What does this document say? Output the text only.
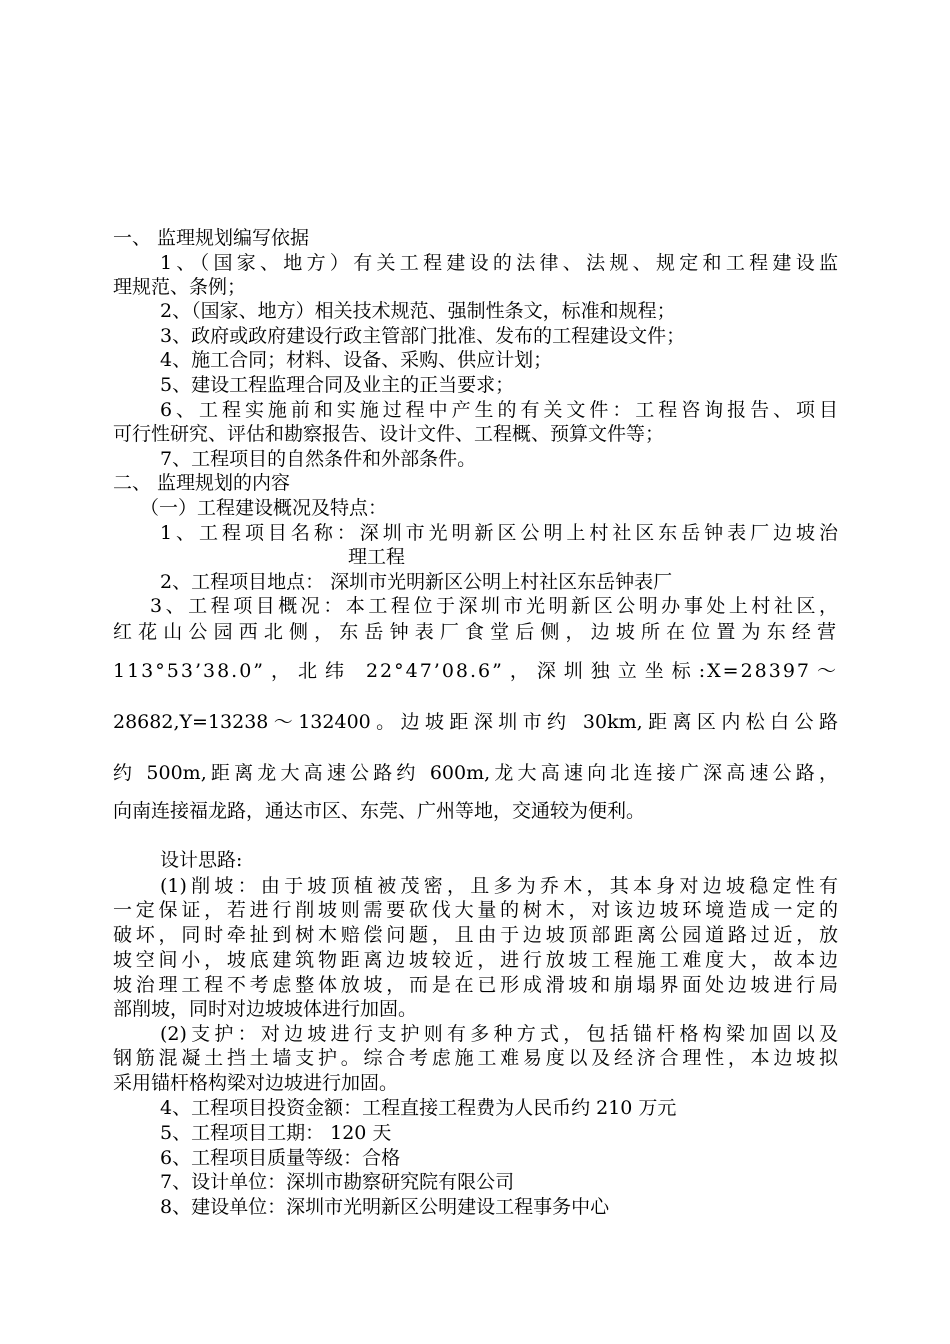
一、 监理规划编写依据
1、（国家、地方）有关工程建设的法律、法规、规定和工程建设监
理规范、条例；
2、（国家、地方）相关技术规范、强制性条文，标准和规程；
3、政府或政府建设行政主管部门批准、发布的工程建设文件；
4、施工合同；材料、设备、采购、供应计划；
5、建设工程监理合同及业主的正当要求；
6、工程实施前和实施过程中产生的有关文件：工程咨询报告、项目
可行性研究、评估和勘察报告、设计文件、工程概、预算文件等；
7、工程项目的自然条件和外部条件。
二、 监理规划的内容
（一）工程建设概况及特点：
1、工程项目名称：深圳市光明新区公明上村社区东岳钟表厂边坡治
理工程
2、工程项目地点： 深圳市光明新区公明上村社区东岳钟表厂
3、工程项目概况：本工程位于深圳市光明新区公明办事处上村社区，
红花山公园西北侧，东岳钟表厂食堂后侧，边坡所在位置为东经营
113°53’38.0”，北纬 22°47’08.6”，深圳独立坐标:X=28397～
28682,Y=13238～132400。边坡距深圳市约 30km,距离区内松白公路
约 500m,距离龙大高速公路约 600m,龙大高速向北连接广深高速公路，
向南连接福龙路，通达市区、东莞、广州等地，交通较为便利。
设计思路:
(1)削坡：由于坡顶植被茂密，且多为乔木，其本身对边坡稳定性有
一定保证，若进行削坡则需要砍伐大量的树木，对该边坡环境造成一定的
破坏，同时牵扯到树木赔偿问题，且由于边坡顶部距离公园道路过近，放
坡空间小，坡底建筑物距离边坡较近，进行放坡工程施工难度大，故本边
坡治理工程不考虑整体放坡，而是在已形成滑坡和崩塌界面处边坡进行局
部削坡，同时对边坡坡体进行加固。
(2)支护：对边坡进行支护则有多种方式，包括锚杆格构梁加固以及
钢筋混凝土挡土墙支护。综合考虑施工难易度以及经济合理性，本边坡拟
采用锚杆格构梁对边坡进行加固。
4、工程项目投资金额：工程直接工程费为人民币约 210 万元
5、工程项目工期： 120 天
6、工程项目质量等级：合格
7、设计单位：深圳市勘察研究院有限公司
8、建设单位：深圳市光明新区公明建设工程事务中心
